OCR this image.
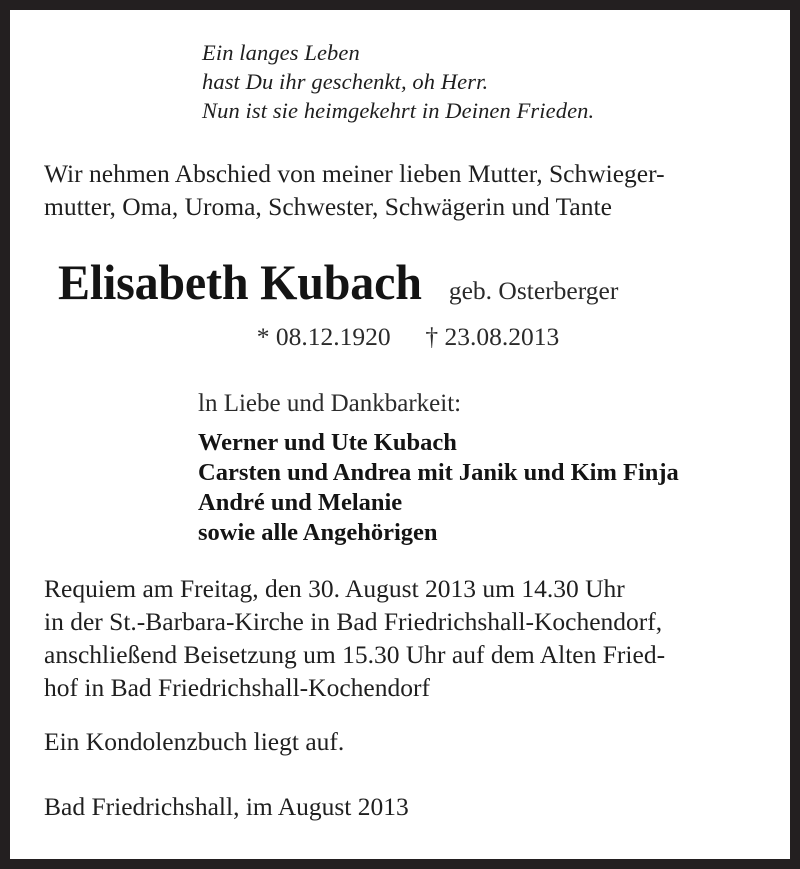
Ein langes Leben
hast Du ihr geschenkt, oh Herr.
Nun ist sie heimgekehrt in Deinen Frieden.
Wir nehmen Abschied von meiner lieben Mutter, Schwieger-
mutter, Oma, Uroma, Schwester, Schwägerin und Tante
Elisabeth Kubach geb. Osterberger
* 08.12.1920 † 23.08.2013
ln Liebe und Dankbarkeit:
Werner und Ute Kubach
Carsten und Andrea mit Janik und Kim Finja
André und Melanie
sowie alle Angehörigen
Requiem am Freitag, den 30. August 2013 um 14.30 Uhr
in der St.-Barbara-Kirche in Bad Friedrichshall-Kochendorf,
anschließend Beisetzung um 15.30 Uhr auf dem Alten Fried-
hof in Bad Friedrichshall-Kochendorf
Ein Kondolenzbuch liegt auf.
Bad Friedrichshall, im August 2013
